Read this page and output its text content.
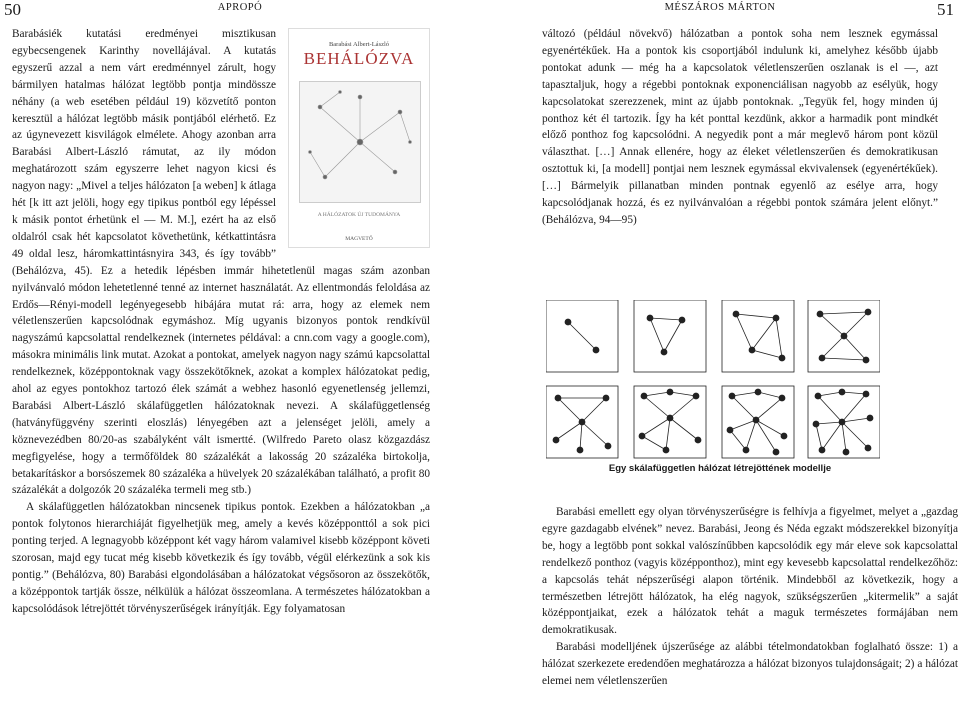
50	APROPÓ
Barabási Albert-László
BEHÁLÓZVA
A HÁLÓZATOK ÚJ TUDOMÁNYA
MAGVETŐ

Barabásiék kutatási eredményei misztikusan egybecsengenek Karinthy novellájával. A kutatás egyszerű azzal a nem várt eredménnyel zárult, hogy bármilyen hatalmas hálózat legtöbb pontja mindössze néhány (a web esetében például 19) közvetítő ponton keresztül a hálózat legtöbb másik pontjából elérhető. Ez az úgynevezett kisvilágok elmélete. Ahogy azonban arra Barabási Albert-László rámutat, az ily módon meghatározott szám egyszerre lehet nagyon kicsi és nagyon nagy: „Mivel a teljes hálózaton [a weben] k átlaga hét [k itt azt jelöli, hogy egy tipikus pontból egy lépéssel k másik pontot érhetünk el — M. M.], ezért ha az első oldalról csak hét kapcsolatot követhetünk, kétkattintásra 49 oldal lesz, háromkattintásnyira 343, és így tovább” (Behálózva, 45). Ez a hetedik lépésben immár hihetetlenül magas szám azonban nyilvánvaló módon lehetetlenné tenné az internet használatát. Az ellentmondás feloldása az Erdős—Rényi-modell legényegesebb hibájára mutat rá: arra, hogy az elemek nem véletlenszerűen kapcsolódnak egymáshoz. Míg ugyanis bizonyos pontok rendkívül nagyszámú kapcsolattal rendelkeznek (internetes példával: a cnn.com vagy a google.com), másokra minimális link mutat. Azokat a pontokat, amelyek nagyon nagy számú kapcsolattal rendelkeznek, középpontoknak vagy összekötőknek, azokat a komplex hálózatokat pedig, ahol az egyes pontokhoz tartozó élek számát a webhez hasonló egyenetlenség jellemzi, Barabási Albert-László skálafüggetlen hálózatoknak nevezi. A skálafüggetlenség (hatványfüggvény szerinti eloszlás) lényegében azt a jelenséget jelöli, amely a köznevezédben 80/20-as szabályként vált ismertté. (Wilfredo Pareto olasz közgazdász megfigyelése, hogy a termőföldek 80 százalékát a lakosság 20 százaléka birtokolja, betakarításkor a borsószemek 80 százaléka a hüvelyek 20 százalékában található, a profit 80 százalékát a dolgozók 20 százaléka termeli meg stb.)

A skálafüggetlen hálózatokban nincsenek tipikus pontok. Ezekben a hálózatokban „a pontok folytonos hierarchiáját figyelhetjük meg, amely a kevés középponttól a sok pici ponting terjed. A legnagyobb középpont két vagy három valamivel kisebb középpont követi szorosan, majd egy tucat még kisebb következik és így tovább, végül elérkezünk a sok kis pontig.” (Behálózva, 80) Barabási elgondolásában a hálózatokat végsősoron az összekötők, a középpontok tartják össze, nélkülük a hálózat összeomlana. A természetes hálózatokban a kapcsolódások létrejöttét törvényszerűségek irányítják. Egy folyamatosan

MÉSZÁROS MÁRTON	51

változó (például növekvő) hálózatban a pontok soha nem lesznek egymással egyenértékűek. Ha a pontok kis csoportjából indulunk ki, amelyhez később újabb pontokat adunk — még ha a kapcsolatok véletlenszerűen oszlanak is el —, azt tapasztaljuk, hogy a régebbi pontoknak exponenciálisan nagyobb az esélyük, hogy kapcsolatokat szerezzenek, mint az újabb pontoknak. „Tegyük fel, hogy minden új ponthoz két él tartozik. Így ha két ponttal kezdünk, akkor a harmadik pont mindkét előző ponthoz fog kapcsolódni. A negyedik pont a már meglevő három pont közül választhat. […] Annak ellenére, hogy az éleket véletlenszerűen és demokratikusan osztottuk ki, [a modell] pontjai nem lesznek egymással ekvivalensek (egyenértékűek). […] Bármelyik pillanatban minden pontnak egyenlő az esélye arra, hogy kapcsolódjanak hozzá, és ez nyilvánvalóan a régebbi pontok számára jelent előnyt.” (Behálózva, 94—95)

Egy skálafüggetlen hálózat létrejöttének modellje

Barabási emellett egy olyan törvényszerűségre is felhívja a figyelmet, melyet a „gazdag egyre gazdagabb elvének” nevez. Barabási, Jeong és Néda egzakt módszerekkel bizonyítja be, hogy a legtöbb pont sokkal valószínűbben kapcsolódik egy már eleve sok kapcsolattal rendelkező ponthoz (vagyis középponthoz), mint egy kevesebb kapcsolattal rendelkezőhöz: a kapcsolás tehát népszerűségi alapon történik. Mindebből az következik, hogy a természetben létrejött hálózatok, ha elég nagyok, szükségszerűen „kitermelik” a saját középpontjaikat, ezek a hálózatok tehát a maguk természetes formájában nem demokratikusak.

Barabási modelljének újszerűsége az alábbi tételmondatokban foglalható össze: 1) a hálózat szerkezete eredendően meghatározza a hálózat bizonyos tulajdonságait; 2) a hálózat elemei nem véletlenszerűen
